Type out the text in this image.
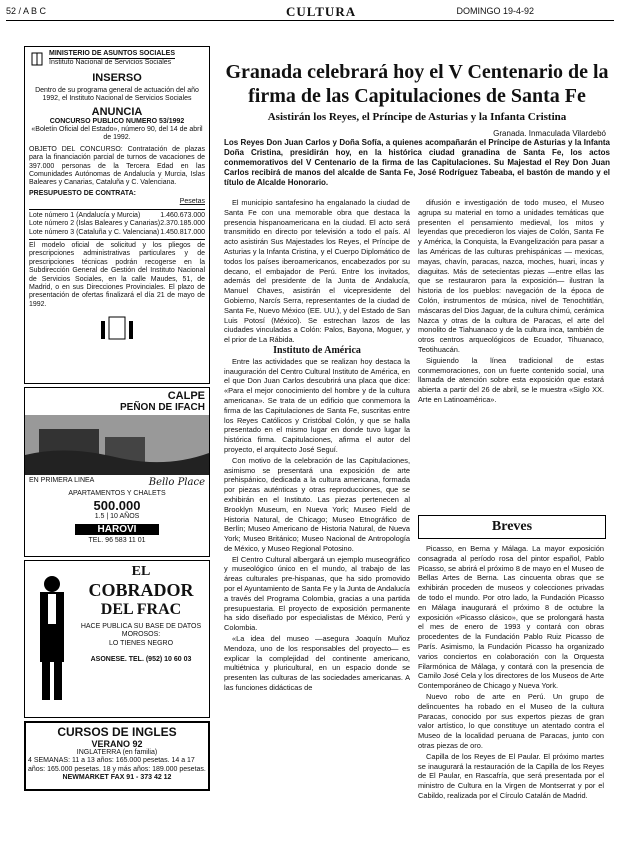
52 / A B C	CULTURA	DOMINGO 19-4-92
MINISTERIO DE ASUNTOS SOCIALES
Instituto Nacional de Servicios Sociales
INSERSO
Dentro de su programa general de actuación del año 1992, el Instituto Nacional de Servicios Sociales
ANUNCIA
CONCURSO PUBLICO NUMERO 53/1992
«Boletín Oficial del Estado», número 90, del 14 de abril de 1992.
OBJETO DEL CONCURSO: Contratación de plazas para la financiación parcial de turnos de vacaciones de 397.000 personas de la Tercera Edad en las Comunidades Autónomas de Andalucía y Murcia, Islas Baleares y Canarias, Cataluña y C. Valenciana.
PRESUPUESTO DE CONTRATA:
Pesetas
Lote número 1 (Andalucía y Murcia)	1.460.673.000
Lote número 2 (Islas Baleares y Canarias) 2.370.185.000
Lote número 3 (Cataluña y C. Valenciana) 1.450.817.000
El modelo oficial de solicitud y los pliegos de prescripciones administrativas particulares y de prescripciones técnicas podrán recogerse en la Subdirección General de Gestión del Instituto Nacional de Servicios Sociales, en la calle Maudes, 51, de Madrid, o en sus Direcciones Provinciales. El plazo de presentación de ofertas finalizará el día 21 de mayo de 1992.
CALPE
PEÑON DE IFACH
EN PRIMERA LINEA	Bello Place
APARTAMENTOS Y CHALETS
500.000
1.5 | 10 AÑOS
HAROVI
TEL. 96 583 11 01
EL
COBRADOR
DEL FRAC
HACE PUBLICA SU BASE DE DATOS
MOROSOS:
LO TIENES NEGRO
ASONESE. TEL. (952) 10 60 03
CURSOS DE INGLES
VERANO 92
INGLATERRA (en familia)
4 SEMANAS: 11 a 13 años: 165.000 pesetas. 14 a 17 años: 165.000 pesetas. 18 y más años: 189.000 pesetas.
NEWMARKET FAX 91 - 373 42 12
Granada celebrará hoy el V Centenario de la firma de las Capitulaciones de Santa Fe
Asistirán los Reyes, el Príncipe de Asturias y la Infanta Cristina
Granada. Inmaculada Vilardebó
Los Reyes Don Juan Carlos y Doña Sofía, a quienes acompañarán el Príncipe de Asturias y la Infanta Doña Cristina, presidirán hoy, en la histórica ciudad granadina de Santa Fe, los actos conmemorativos del V Centenario de la firma de las Capitulaciones. Su Majestad el Rey Don Juan Carlos recibirá de manos del alcalde de Santa Fe, José Rodríguez Tabeaba, el bastón de mando y el título de Alcalde Honorario.

El municipio santafesino ha engalanado la ciudad de Santa Fe con una memorable obra que destaca la presencia hispanoamericana en la ciudad. El acto será transmitido en directo por televisión a todo el país. Al acto asistirán Sus Majestades los Reyes, el Príncipe de Asturias y la Infanta Cristina, y el Cuerpo Diplomático de todos los países iberoamericanos, encabezados por su decano, el embajador de Perú. Entre los invitados, además del presidente de la Junta de Andalucía, Manuel Chaves, asistirán el vicepresidente del Gobierno, Narcís Serra, representantes de la ciudad de Santa Fe, Nuevo México (EE. UU.), y del Estado de San Luis Potosí (México). Se estrechan lazos de las ciudades vinculadas a Colón: Palos, Bayona, Moguer, y el prior de La Rábida.

Instituto de América

Entre las actividades que se realizan hoy destaca la inauguración del Centro Cultural Instituto de América, en el que Don Juan Carlos descubrirá una placa que dice: «Para el mejor conocimiento del hombre y de la cultura americana». Se trata de un edificio que conmemora la firma de las Capitulaciones de Santa Fe, suscritas entre los Reyes Católicos y Cristóbal Colón, y que se halla presentado en el mismo lugar en donde tuvo lugar la histórica firma. Capitulaciones, afirma el autor del proyecto, el arquitecto José Seguí.

Con motivo de la celebración de las Capitulaciones, asimismo se presentará una exposición de arte prehispánico, dedicada a la cultura americana, formada por piezas auténticas y otras reproducciones, que se exhibirán en el Instituto. Las piezas pertenecen al Brooklyn Museum, en Nueva York; Museo Field de Historia Natural, de Chicago; Museo Etnográfico de Berlín; Museo Americano de Historia Natural, de Nueva York; Museo Británico; Museo Nacional de Antropología de México, y Museo Regional Potosino.

El Centro Cultural albergará un ejemplo museográfico y museológico único en el mundo, al trabajo de las áreas culturales pre-hispanas, que ha sido promovido por el Ayuntamiento de Santa Fe y la Junta de Andalucía a través del Programa Colombia, gracias a una partida presupuestaria. El proyecto de exposición permanente ha sido diseñado por especialistas de México, Perú y Colombia.

«La idea del museo —asegura Joaquín Muñoz Mendoza, uno de los responsables del proyecto— es explicar la complejidad del continente americano, multiétnica y pluricultural, en un espacio donde se presenten las culturas de las sociedades americanas. A las funciones didácticas de

difusión e investigación de todo museo, el Museo agrupa su material en torno a unidades temáticas que presenten el pensamiento medieval, los mitos y leyendas que precedieron los viajes de Colón, Santa Fe y América, la Conquista, la Evangelización para pasar a las Américas de las culturas prehispánicas — mexicas, mayas, chavín, paracas, nazca, moches, huari, incas y diaguitas. Más de setecientas piezas —entre ellas las que se restauraron para la exposición— ilustran la historia de los pueblos: navegación de la época de Colón, instrumentos de música, nivel de Tenochtitlán, máscaras del Dios Jaguar, de la cultura chimú, cerámica Nazca y otras de la cultura de Paracas, el arte del monolito de Tiahuanaco y de la cultura inca, también de otros centros arqueológicos de Ecuador, Tihuanaco, Teotihuacán.

Siguiendo la línea tradicional de estas conmemoraciones, con un fuerte contenido social, una llamada de atención sobre esta exposición que estará abierta a partir del 26 de abril, se le muestra «Siglo XX. Arte en Latinoamérica».

Breves

Picasso, en Berna y Málaga. La mayor exposición consagrada al período rosa del pintor español, Pablo Picasso, se abrirá el próximo 8 de mayo en el Museo de Bellas Artes de Berna. Las cincuenta obras que se exhibirán proceden de museos y colecciones privadas de todo el mundo. Por otro lado, la Fundación Picasso en Málaga inaugurará el próximo 8 de octubre la exposición «Picasso clásico», que se prolongará hasta el mes de enero de 1993 y contará con obras procedentes de la Fundación Pablo Ruiz Picasso de París. Asimismo, la Fundación Picasso ha organizado varios conciertos en colaboración con la Orquesta Filarmónica de Málaga, y contará con la presencia de Camilo José Cela y los directores de los Museos de Arte Contemporáneo de Chicago y Nueva York.

Nuevo robo de arte en Perú. Un grupo de delincuentes ha robado en el Museo de la cultura Paracas, conocido por sus expertos piezas de gran valor artístico, lo que constituye un atentado contra el Museo de la localidad peruana de Paracas, junto con otras piezas de oro.

Capilla de los Reyes de El Paular. El próximo martes se inaugurará la restauración de la Capilla de los Reyes de El Paular, en Rascafría, que será presentada por el ministro de Cultura en la Virgen de Montserrat y por el Cabildo, realizada por el Círculo Catalán de Madrid.
